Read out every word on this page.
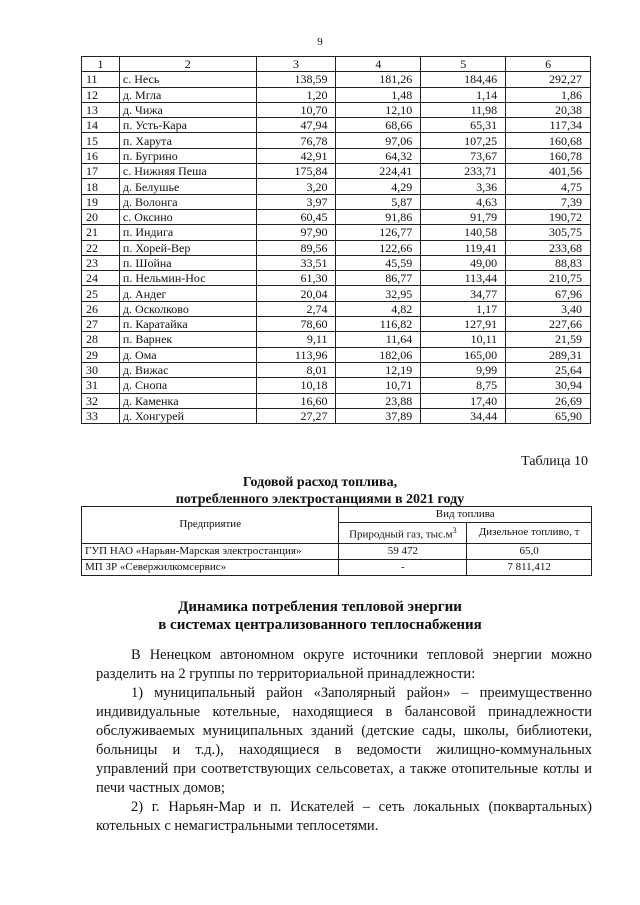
9
1	2	3	4	5	6
11	с. Несь	138,59	181,26	184,46	292,27
12	д. Мгла	1,20	1,48	1,14	1,86
13	д. Чижа	10,70	12,10	11,98	20,38
14	п. Усть-Кара	47,94	68,66	65,31	117,34
15	п. Харута	76,78	97,06	107,25	160,68
16	п. Бугрино	42,91	64,32	73,67	160,78
17	с. Нижняя Пеша	175,84	224,41	233,71	401,56
18	д. Белушье	3,20	4,29	3,36	4,75
19	д. Волонга	3,97	5,87	4,63	7,39
20	с. Оксино	60,45	91,86	91,79	190,72
21	п. Индига	97,90	126,77	140,58	305,75
22	п. Хорей-Вер	89,56	122,66	119,41	233,68
23	п. Шойна	33,51	45,59	49,00	88,83
24	п. Нельмин-Нос	61,30	86,77	113,44	210,75
25	д. Андег	20,04	32,95	34,77	67,96
26	д. Осколково	2,74	4,82	1,17	3,40
27	п. Каратайка	78,60	116,82	127,91	227,66
28	п. Варнек	9,11	11,64	10,11	21,59
29	д. Ома	113,96	182,06	165,00	289,31
30	д. Вижас	8,01	12,19	9,99	25,64
31	д. Снопа	10,18	10,71	8,75	30,94
32	д. Каменка	16,60	23,88	17,40	26,69
33	д. Хонгурей	27,27	37,89	34,44	65,90
Таблица 10
Годовой расход топлива,
потребленного электростанциями в 2021 году
Предприятие	Вид топлива	
	Природный газ, $тыс.м^3$	Дизельное топливо, т
ГУП НАО «Нарьян-Марская электростанция»	59 472	65,0
МП ЗР «Севержилкомсервис»	-	7 811,412
Динамика потребления тепловой энергии
в системах централизованного теплоснабжения

В Ненецком автономном округе источники тепловой энергии можно разделить на 2 группы по территориальной принадлежности:

1) муниципальный район «Заполярный район» – преимущественно индивидуальные котельные, находящиеся в балансовой принадлежности обслуживаемых муниципальных зданий (детские сады, школы, библиотеки, больницы и т.д.), находящиеся в ведомости жилищно-коммунальных управлений при соответствующих сельсоветах, а также отопительные котлы и печи частных домов;

2) г. Нарьян-Мар и п. Искателей – сеть локальных (поквартальных) котельных с немагистральными теплосетями.
